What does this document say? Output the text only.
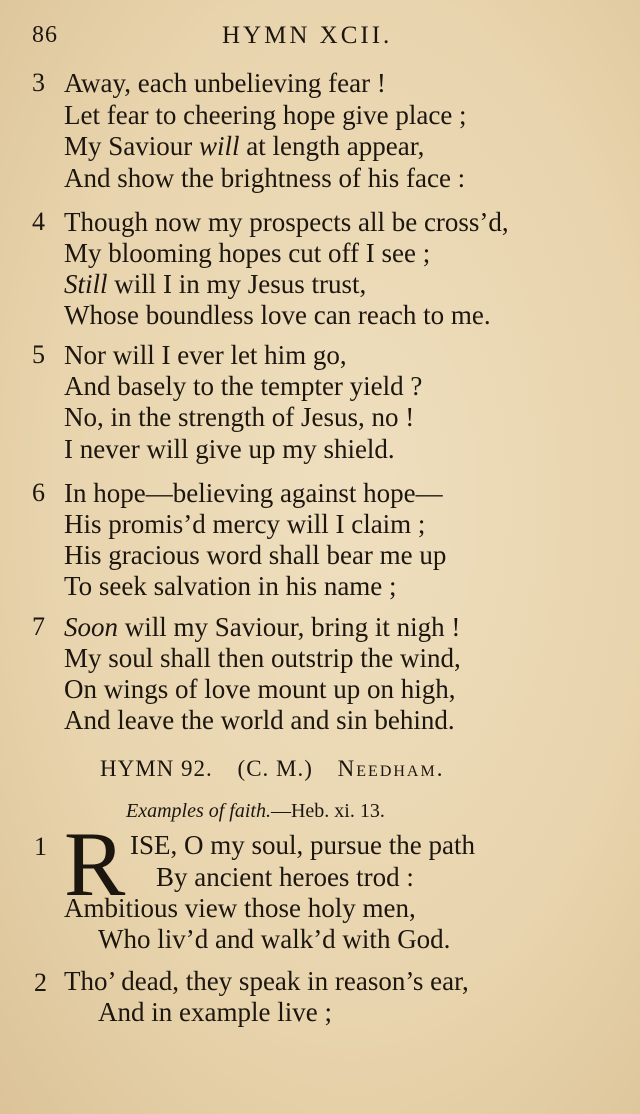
86	HYMN XCII.
3 Away, each unbelieving fear !
Let fear to cheering hope give place ;
My Saviour will at length appear,
And show the brightness of his face :
4 Though now my prospects all be cross’d,
My blooming hopes cut off I see ;
Still will I in my Jesus trust,
Whose boundless love can reach to me.
5 Nor will I ever let him go,
And basely to the tempter yield ?
No, in the strength of Jesus, no !
I never will give up my shield.
6 In hope—believing against hope—
His promis’d mercy will I claim ;
His gracious word shall bear me up
To seek salvation in his name ;
7 Soon will my Saviour, bring it nigh !
My soul shall then outstrip the wind,
On wings of love mount up on high,
And leave the world and sin behind.
HYMN 92. (C. M.) Needham.
Examples of faith.—Heb. xi. 13.
1 R ISE, O my soul, pursue the path
By ancient heroes trod :
Ambitious view those holy men,
Who liv’d and walk’d with God.
2 Tho’ dead, they speak in reason’s ear,
And in example live ;
